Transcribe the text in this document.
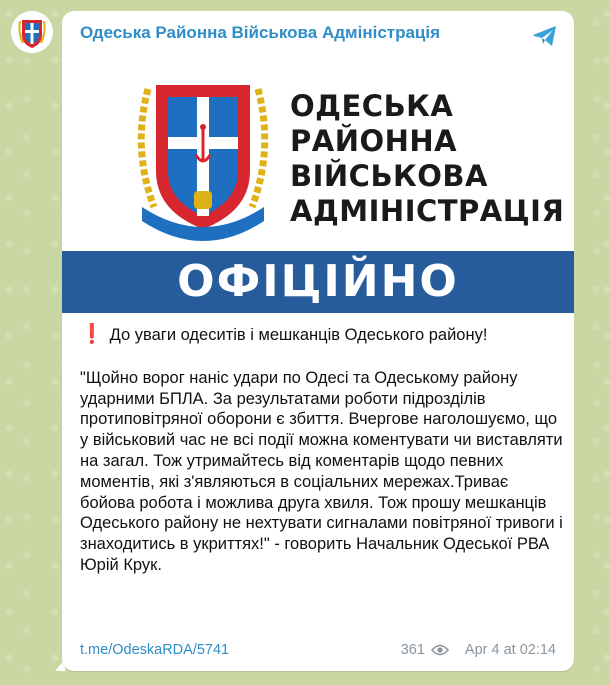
Одеська Районна Військова Адміністрація
ОДЕСЬКА
РАЙОННА
ВІЙСЬКОВА
АДМІНІСТРАЦІЯ
ОФІЦІЙНО
❗ До уваги одеситів і мешканців Одеського району!
"Щойно ворог наніс удари по Одесі та Одеському району ударними БПЛА. За результатами роботи підрозділів протиповітряної оборони є збиття. Вчергове наголошуємо, що у військовий час не всі події можна коментувати чи виставляти на загал. Тож утримайтесь від коментарів щодо певних моментів, які з'являються в соціальних мережах.Триває бойова робота і можлива друга хвиля. Тож прошу мешканців Одеського району не нехтувати сигналами повітряної тривоги і знаходитись в укриттях!" - говорить Начальник Одеської РВА Юрій Крук.
t.me/OdeskaRDA/5741	361	Apr 4 at 02:14
